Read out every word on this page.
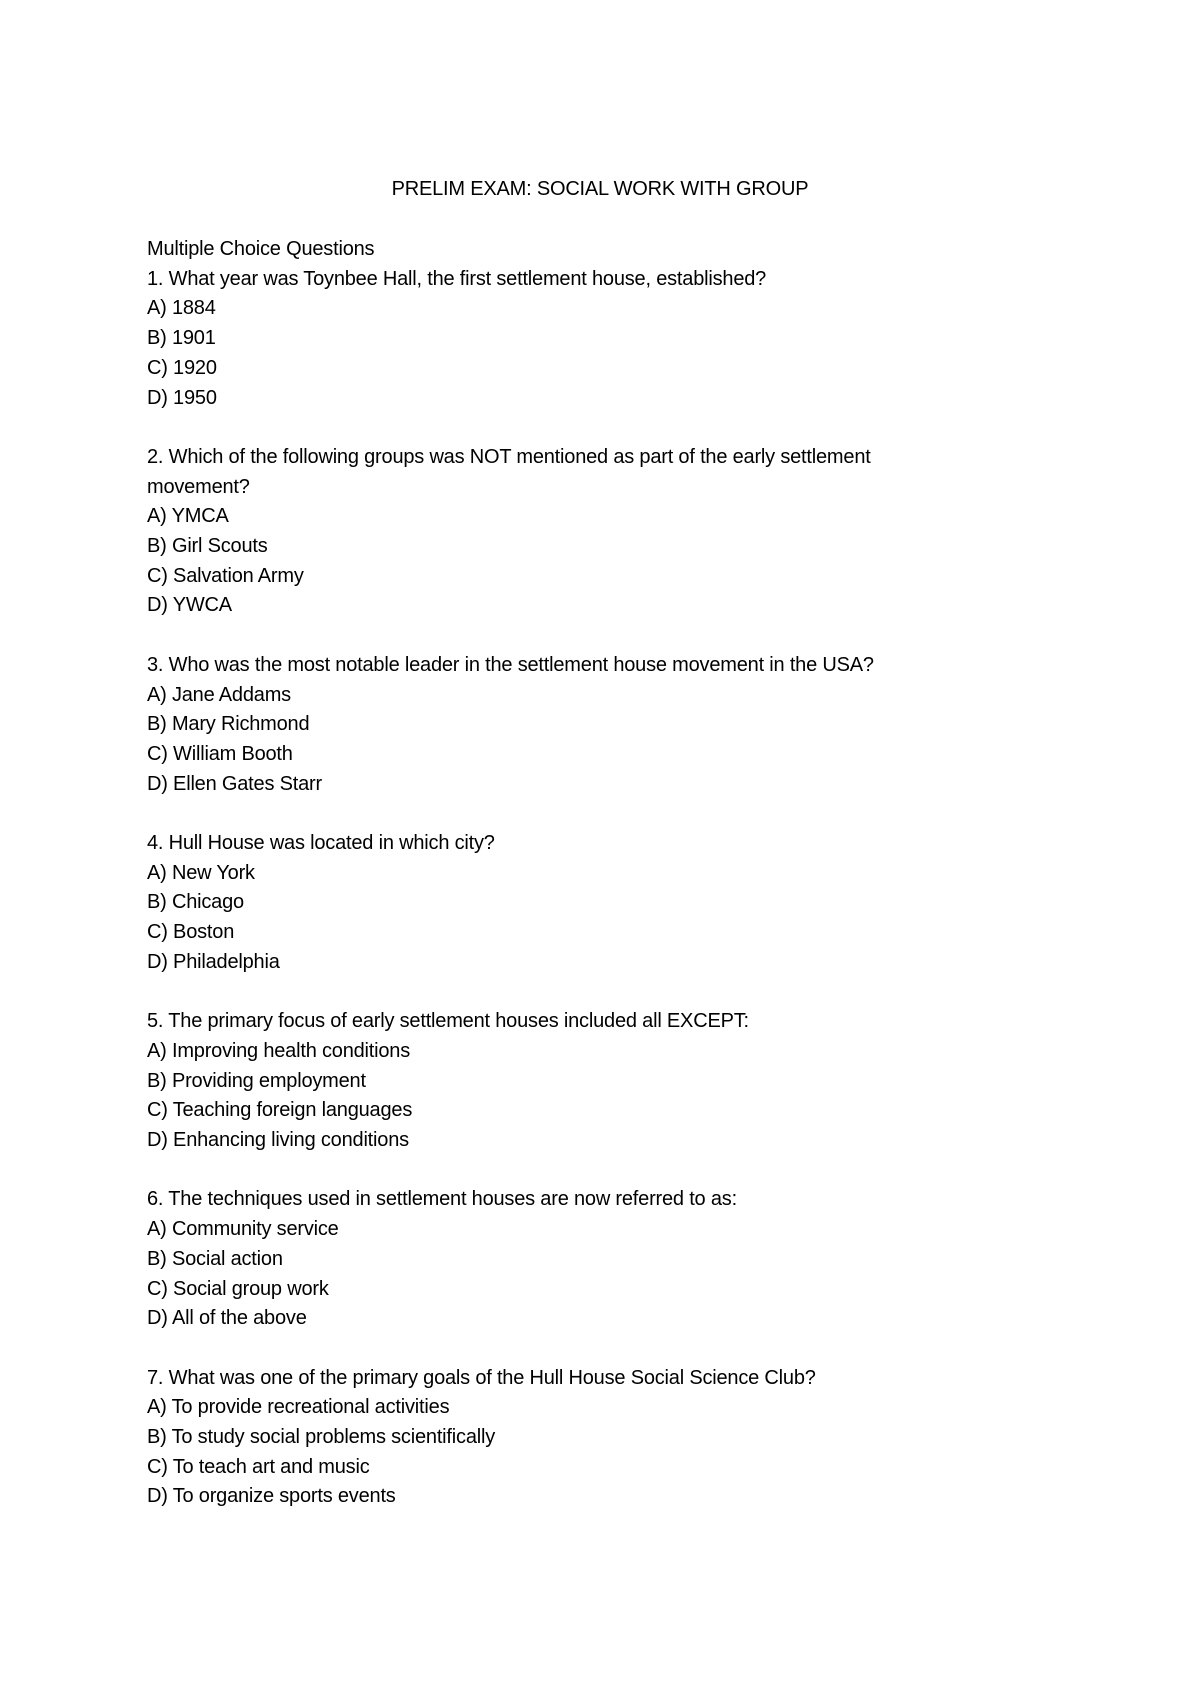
PRELIM EXAM: SOCIAL WORK WITH GROUP
Multiple Choice Questions
1. What year was Toynbee Hall, the first settlement house, established?
A) 1884
B) 1901
C) 1920
D) 1950
2. Which of the following groups was NOT mentioned as part of the early settlement
movement?
A) YMCA
B) Girl Scouts
C) Salvation Army
D) YWCA
3. Who was the most notable leader in the settlement house movement in the USA?
A) Jane Addams
B) Mary Richmond
C) William Booth
D) Ellen Gates Starr
4. Hull House was located in which city?
A) New York
B) Chicago
C) Boston
D) Philadelphia
5. The primary focus of early settlement houses included all EXCEPT:
A) Improving health conditions
B) Providing employment
C) Teaching foreign languages
D) Enhancing living conditions
6. The techniques used in settlement houses are now referred to as:
A) Community service
B) Social action
C) Social group work
D) All of the above
7. What was one of the primary goals of the Hull House Social Science Club?
A) To provide recreational activities
B) To study social problems scientifically
C) To teach art and music
D) To organize sports events
